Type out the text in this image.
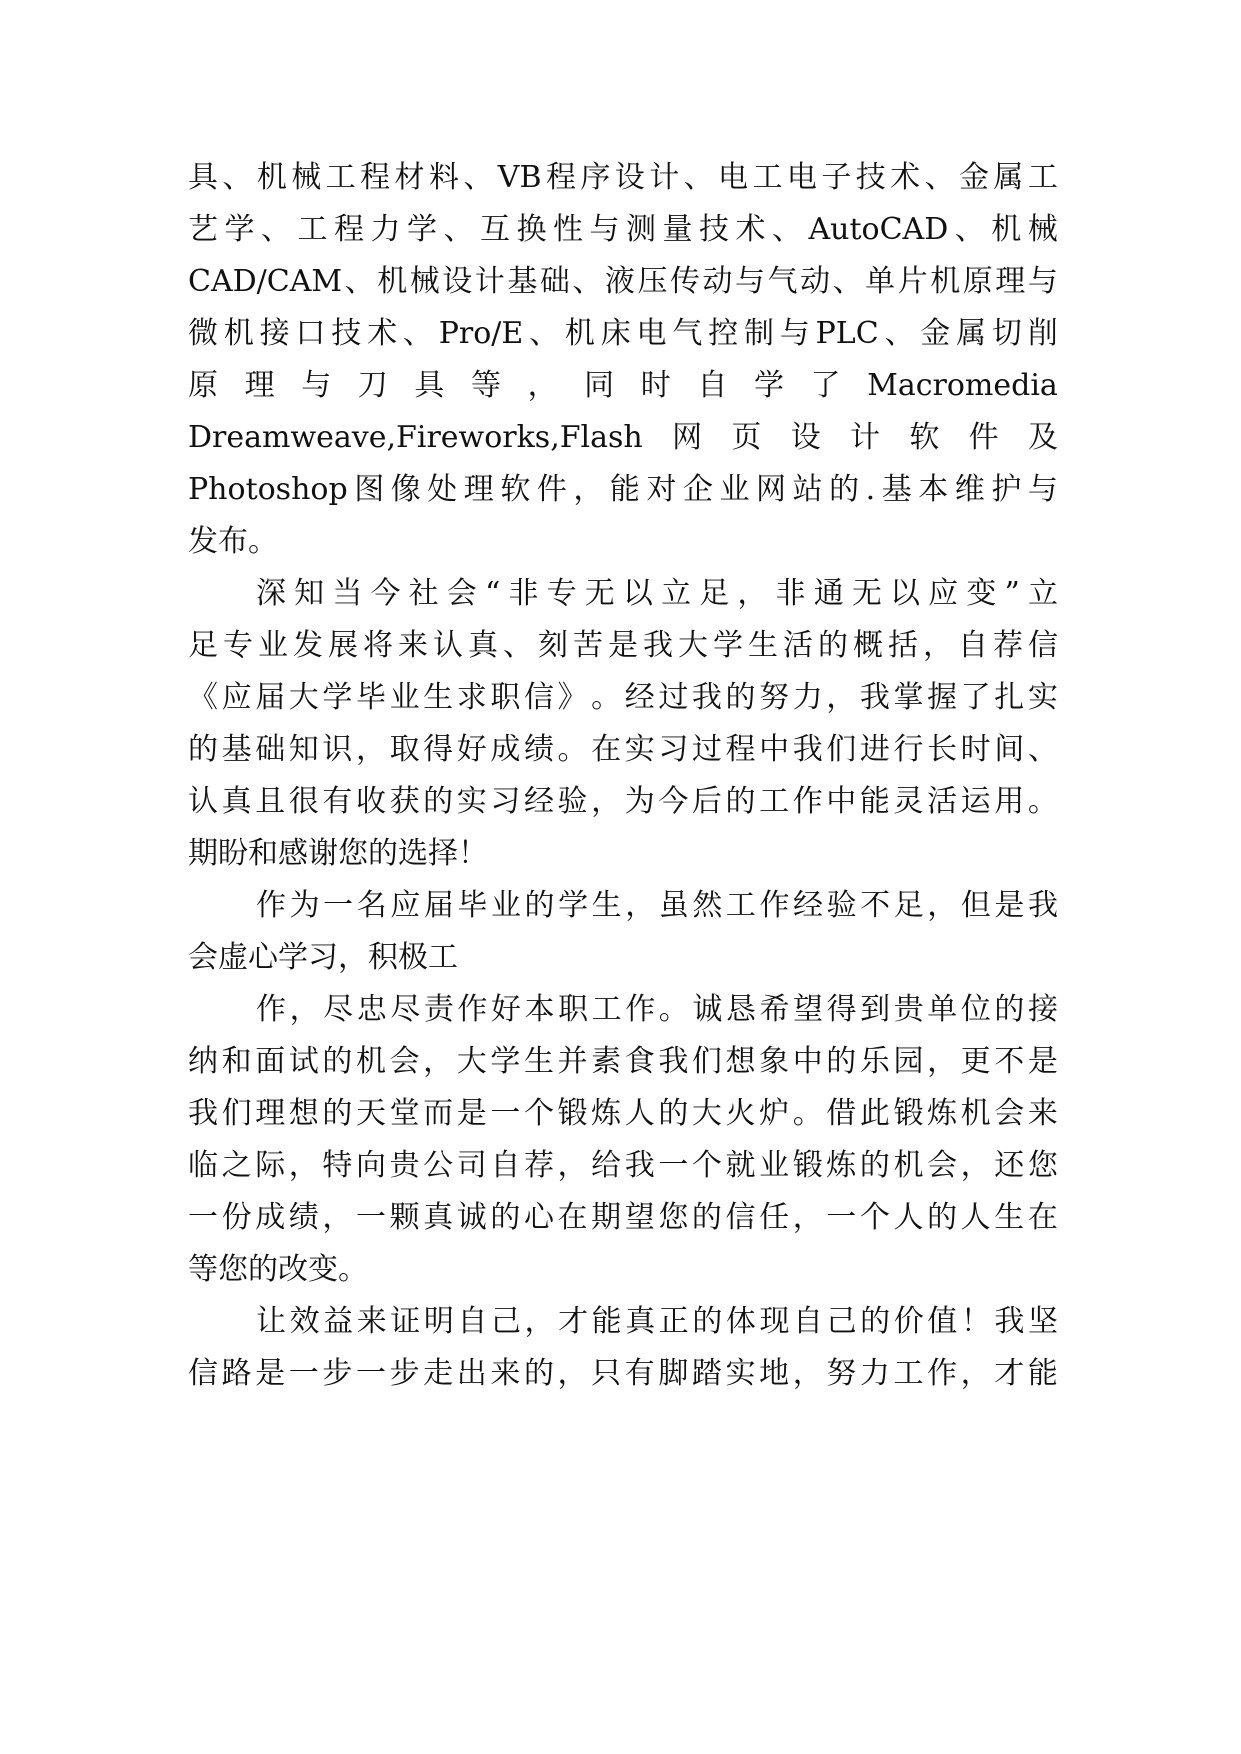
具 、 机 械 工 程 材 料 、 VB 程 序 设 计 、 电 工 电 子 技 术 、 金 属 工
艺 学 、 工 程 力 学 、 互 换 性 与 测 量 技 术 、 AutoCAD 、 机 械
CAD/CAM 、 机 械 设 计 基 础 、 液 压 传 动 与 气 动 、 单 片 机 原 理 与
微 机 接 口 技 术 、 Pro/E 、 机 床 电 气 控 制 与 PLC 、 金 属 切 削
原 理 与 刀 具 等 ， 同 时 自 学 了 Macromedia
Dreamweave,Fireworks,Flash 网 页 设 计 软 件 及
Photoshop 图 像 处 理 软 件 ， 能 对 企 业 网 站 的 . 基 本 维 护 与
发布。
深 知 当 今 社 会 “ 非 专 无 以 立 足 ， 非 通 无 以 应 变 ” 立
足 专 业 发 展 将 来 认 真 、 刻 苦 是 我 大 学 生 活 的 概 括 ， 自 荐 信
《 应 届 大 学 毕 业 生 求 职 信 》 。 经 过 我 的 努 力 ， 我 掌 握 了 扎 实
的 基 础 知 识 ， 取 得 好 成 绩 。 在 实 习 过 程 中 我 们 进 行 长 时 间 、
认 真 且 很 有 收 获 的 实 习 经 验 ， 为 今 后 的 工 作 中 能 灵 活 运 用 。
期盼和感谢您的选择！
作 为 一 名 应 届 毕 业 的 学 生 ， 虽 然 工 作 经 验 不 足 ， 但 是 我
会虚心学习，积极工
作 ， 尽 忠 尽 责 作 好 本 职 工 作 。 诚 恳 希 望 得 到 贵 单 位 的 接
纳 和 面 试 的 机 会 ， 大 学 生 并 素 食 我 们 想 象 中 的 乐 园 ， 更 不 是
我 们 理 想 的 天 堂 而 是 一 个 锻 炼 人 的 大 火 炉 。 借 此 锻 炼 机 会 来
临 之 际 ， 特 向 贵 公 司 自 荐 ， 给 我 一 个 就 业 锻 炼 的 机 会 ， 还 您
一 份 成 绩 ， 一 颗 真 诚 的 心 在 期 望 您 的 信 任 ， 一 个 人 的 人 生 在
等您的改变。
让 效 益 来 证 明 自 己 ， 才 能 真 正 的 体 现 自 己 的 价 值 ！ 我 坚
信 路 是 一 步 一 步 走 出 来 的 ， 只 有 脚 踏 实 地 ， 努 力 工 作 ， 才 能
